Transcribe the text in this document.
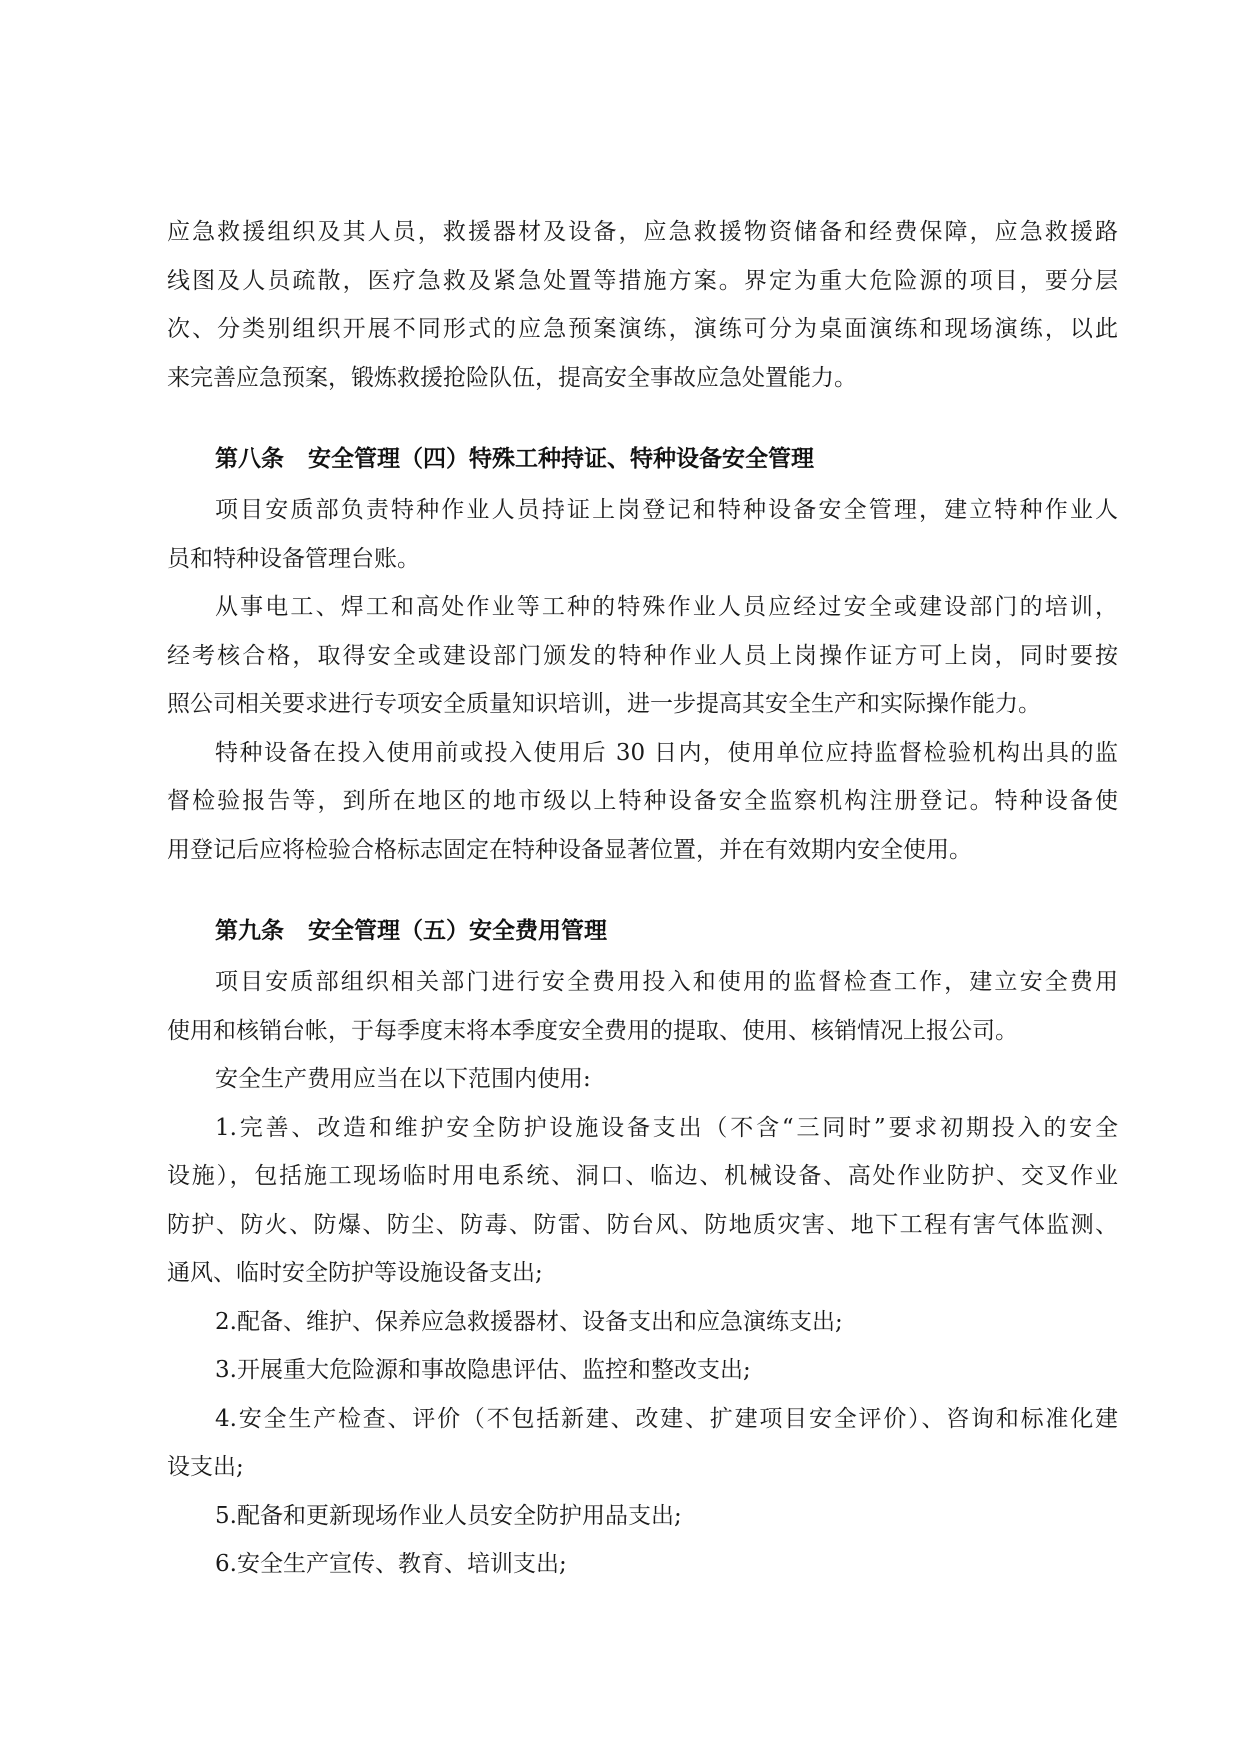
应急救援组织及其人员，救援器材及设备，应急救援物资储备和经费保障，应急救援路
线图及人员疏散，医疗急救及紧急处置等措施方案。界定为重大危险源的项目，要分层
次、分类别组织开展不同形式的应急预案演练，演练可分为桌面演练和现场演练，以此
来完善应急预案，锻炼救援抢险队伍，提高安全事故应急处置能力。
第八条 安全管理（四）特殊工种持证、特种设备安全管理
项目安质部负责特种作业人员持证上岗登记和特种设备安全管理，建立特种作业人
员和特种设备管理台账。
从事电工、焊工和高处作业等工种的特殊作业人员应经过安全或建设部门的培训，
经考核合格，取得安全或建设部门颁发的特种作业人员上岗操作证方可上岗，同时要按
照公司相关要求进行专项安全质量知识培训，进一步提高其安全生产和实际操作能力。
特种设备在投入使用前或投入使用后 30 日内，使用单位应持监督检验机构出具的监
督检验报告等，到所在地区的地市级以上特种设备安全监察机构注册登记。特种设备使
用登记后应将检验合格标志固定在特种设备显著位置，并在有效期内安全使用。
第九条 安全管理（五）安全费用管理
项目安质部组织相关部门进行安全费用投入和使用的监督检查工作，建立安全费用
使用和核销台帐，于每季度末将本季度安全费用的提取、使用、核销情况上报公司。
安全生产费用应当在以下范围内使用:
1.完善、改造和维护安全防护设施设备支出（不含“三同时”要求初期投入的安全
设施），包括施工现场临时用电系统、洞口、临边、机械设备、高处作业防护、交叉作业
防护、防火、防爆、防尘、防毒、防雷、防台风、防地质灾害、地下工程有害气体监测、
通风、临时安全防护等设施设备支出;
2.配备、维护、保养应急救援器材、设备支出和应急演练支出;
3.开展重大危险源和事故隐患评估、监控和整改支出;
4.安全生产检查、评价（不包括新建、改建、扩建项目安全评价）、咨询和标准化建
设支出;
5.配备和更新现场作业人员安全防护用品支出;
6.安全生产宣传、教育、培训支出;
